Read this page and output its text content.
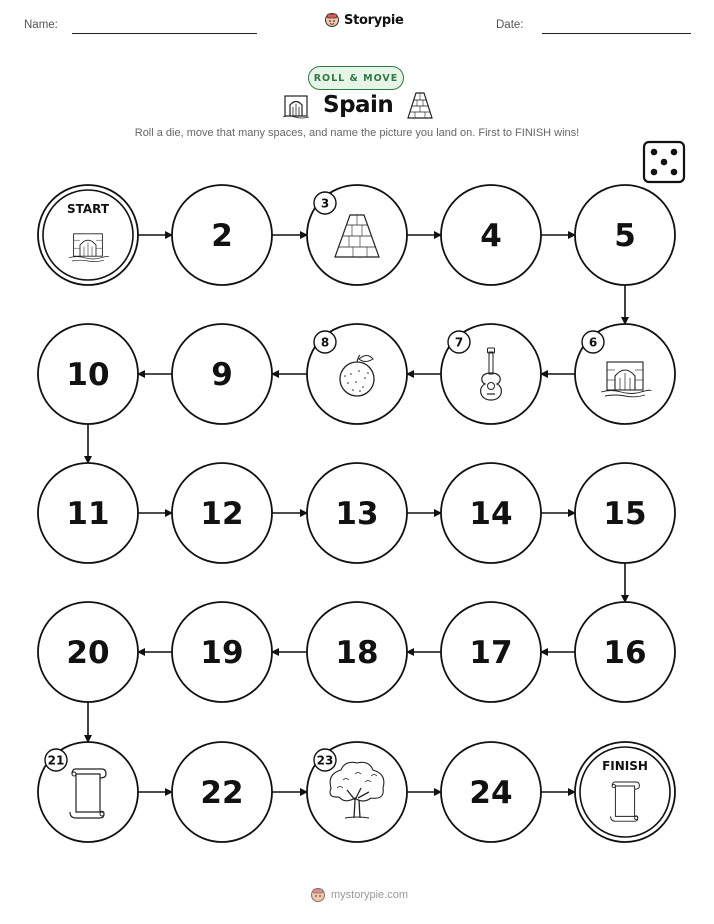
Name:	Storypie	Date:
ROLL & MOVE
Spain
Roll a die, move that many spaces, and name the picture you land on. First to FINISH wins!
START
2
3
4	5
6
7
8
9
10
11	12	13	14	15
16
17
18
19
20
21
22
23
24
FINISH
mystorypie.com
